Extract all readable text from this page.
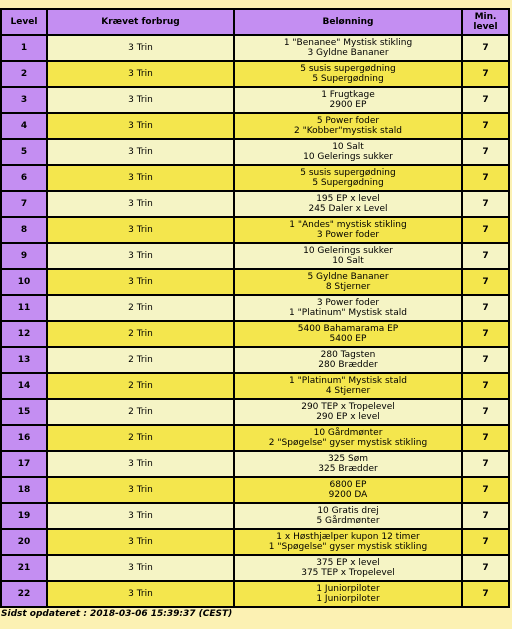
Level	Krævet forbrug	Belønning	Min.
level

1	3 Trin	1 "Benanee" Mystisk stikling
3 Gyldne Bananer	7
2	3 Trin	5 susis supergødning
5 Supergødning	7
3	3 Trin	1 Frugtkage
2900 EP	7
4	3 Trin	5 Power foder
2 "Kobber"mystisk stald	7
5	3 Trin	10 Salt
10 Gelerings sukker	7
6	3 Trin	5 susis supergødning
5 Supergødning	7
7	3 Trin	195 EP x level
245 Daler x Level	7
8	3 Trin	1 "Andes" mystisk stikling
3 Power foder	7
9	3 Trin	10 Gelerings sukker
10 Salt	7
10	3 Trin	5 Gyldne Bananer
8 Stjerner	7
11	2 Trin	3 Power foder
1 "Platinum" Mystisk stald	7
12	2 Trin	5400 Bahamarama EP
5400 EP	7
13	2 Trin	280 Tagsten
280 Brædder	7
14	2 Trin	1 "Platinum" Mystisk stald
4 Stjerner	7
15	2 Trin	290 TEP x Tropelevel
290 EP x level	7
16	2 Trin	10 Gårdmønter
2 "Spøgelse" gyser mystisk stikling	7
17	3 Trin	325 Søm
325 Brædder	7
18	3 Trin	6800 EP
9200 DA	7
19	3 Trin	10 Gratis drej
5 Gårdmønter	7
20	3 Trin	1 x Høsthjælper kupon 12 timer
1 "Spøgelse" gyser mystisk stikling	7
21	3 Trin	375 EP x level
375 TEP x Tropelevel	7
22	3 Trin	1 Juniorpiloter
1 Juniorpiloter	7
Sidst opdateret : 2018-03-06 15:39:37 (CEST)
